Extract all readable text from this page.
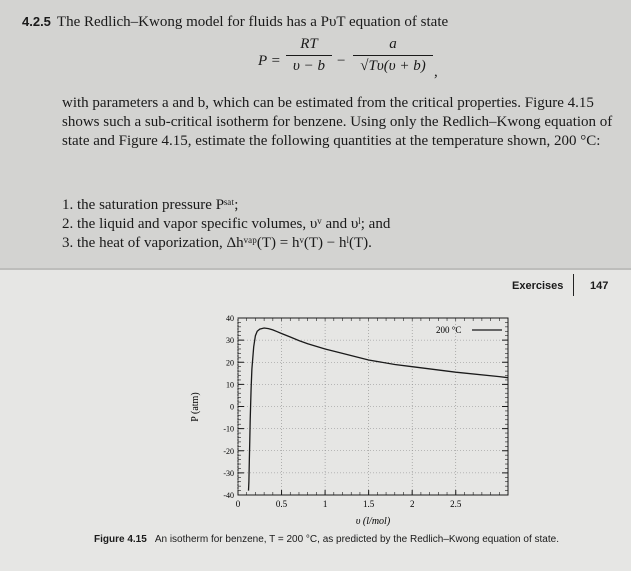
4.2.5 The Redlich–Kwong model for fluids has a PυT equation of state
P =
RT
υ − b −
a
√Tυ(υ + b) ,
with parameters a and b, which can be estimated from the critical properties. Figure 4.15 shows such a sub-critical isotherm for benzene. Using only the Redlich–Kwong equation of state and Figure 4.15, estimate the following quantities at the temperature shown, 200 °C:
1. the saturation pressure Pˢᵃᵗ;
2. the liquid and vapor specific volumes, υᵛ and υˡ; and
3. the heat of vaporization, Δhᵛᵃᵖ(T) = hᵛ(T) − hˡ(T).
Exercises 147
0	0.5	1	1.5	2	2.5
-40
-30
-20
-10
0
10
20
30
40
200 °C
υ (l/mol)
P (atm)
Figure 4.15 An isotherm for benzene, T = 200 °C, as predicted by the Redlich–Kwong equation of state.
